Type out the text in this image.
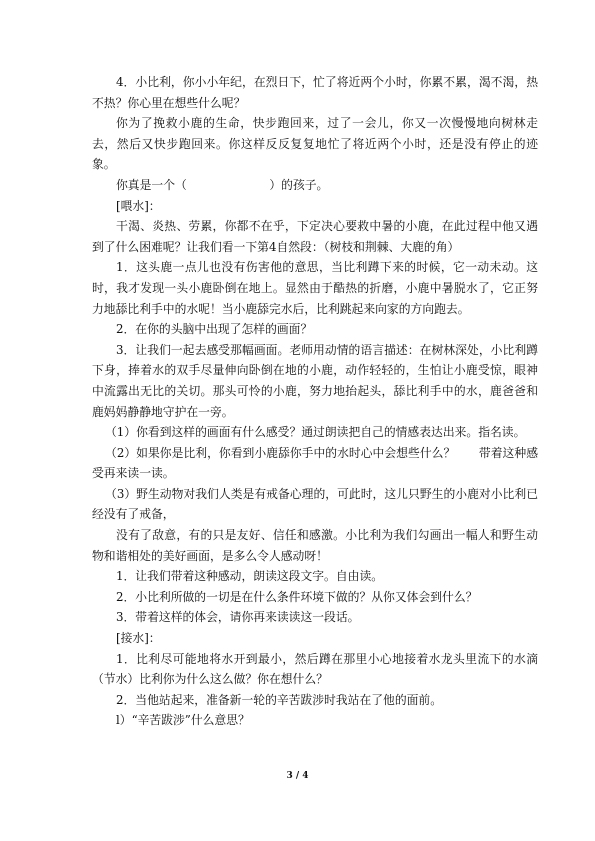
4．小比利，你小小年纪，在烈日下，忙了将近两个小时，你累不累，渴不渴，热不热？你心里在想些什么呢？

你为了挽救小鹿的生命，快步跑回来，过了一会儿，你又一次慢慢地向树林走去，然后又快步跑回来。你这样反反复复地忙了将近两个小时，还是没有停止的迹象。

你真是一个（　　　　　　　）的孩子。

[喂水]：

干渴、炎热、劳累，你都不在乎，下定决心要救中暑的小鹿，在此过程中他又遇到了什么困难呢？让我们看一下第4自然段：（树枝和荆棘、大鹿的角）

1．这头鹿一点儿也没有伤害他的意思，当比利蹲下来的时候，它一动未动。这时，我才发现一头小鹿卧倒在地上。显然由于酷热的折磨，小鹿中暑脱水了，它正努力地舔比利手中的水呢！当小鹿舔完水后，比利跳起来向家的方向跑去。

2．在你的头脑中出现了怎样的画面？

3．让我们一起去感受那幅画面。老师用动情的语言描述：在树林深处，小比利蹲下身，捧着水的双手尽量伸向卧倒在地的小鹿，动作轻轻的，生怕让小鹿受惊，眼神中流露出无比的关切。那头可怜的小鹿，努力地抬起头，舔比利手中的水，鹿爸爸和鹿妈妈静静地守护在一旁。

（1）你看到这样的画面有什么感受？通过朗读把自己的情感表达出来。指名读。

（2）如果你是比利，你看到小鹿舔你手中的水时心中会想些什么？　　带着这种感受再来读一读。

（3）野生动物对我们人类是有戒备心理的，可此时，这儿只野生的小鹿对小比利已经没有了戒备，

没有了敌意，有的只是友好、信任和感激。小比利为我们勾画出一幅人和野生动物和谐相处的美好画面，是多么令人感动呀！

1．让我们带着这种感动，朗读这段文字。自由读。

2．小比利所做的一切是在什么条件环境下做的？从你又体会到什么？

3．带着这样的体会，请你再来读读这一段话。

[接水]：

1．比利尽可能地将水开到最小，然后蹲在那里小心地接着水龙头里流下的水滴（节水）比利你为什么这么做？你在想什么？

2．当他站起来，准备新一轮的辛苦跋涉时我站在了他的面前。

l）“辛苦跋涉”什么意思？

3 / 4
